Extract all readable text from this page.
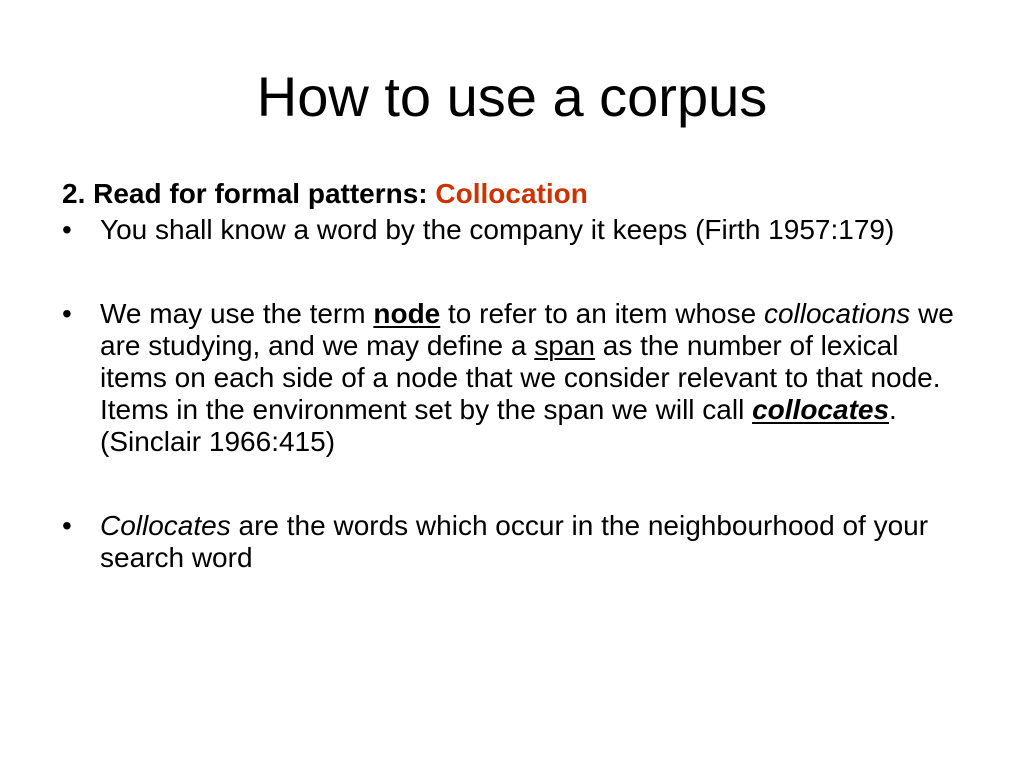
How to use a corpus
2. Read for formal patterns: Collocation
•	You shall know a word by the company it keeps (Firth 1957:179)
•	We may use the term node to refer to an item whose collocations we are studying, and we may define a span as the number of lexical items on each side of a node that we consider relevant to that node. Items in the environment set by the span we will call collocates. (Sinclair 1966:415)
•	Collocates are the words which occur in the neighbourhood of your search word
